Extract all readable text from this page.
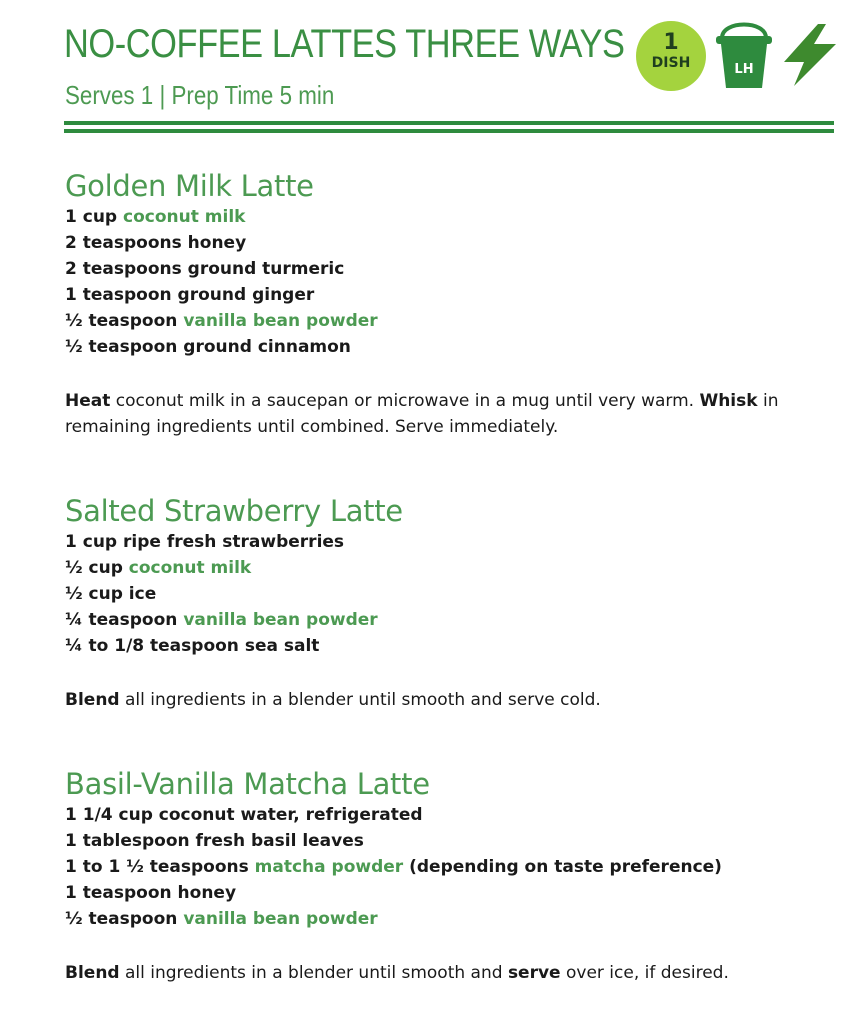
NO-COFFEE LATTES THREE WAYS
Serves 1 | Prep Time 5 min
1
DISH	LH
Golden Milk Latte
1 cup coconut milk
2 teaspoons honey
2 teaspoons ground turmeric
1 teaspoon ground ginger
½ teaspoon vanilla bean powder
½ teaspoon ground cinnamon

Heat coconut milk in a saucepan or microwave in a mug until very warm. Whisk in remaining ingredients until combined. Serve immediately.

Salted Strawberry Latte
1 cup ripe fresh strawberries
½ cup coconut milk
½ cup ice
¼ teaspoon vanilla bean powder
¼ to 1/8 teaspoon sea salt

Blend all ingredients in a blender until smooth and serve cold.

Basil-Vanilla Matcha Latte
1 1/4 cup coconut water, refrigerated
1 tablespoon fresh basil leaves
1 to 1 ½ teaspoons matcha powder (depending on taste preference)
1 teaspoon honey
½ teaspoon vanilla bean powder

Blend all ingredients in a blender until smooth and serve over ice, if desired.
